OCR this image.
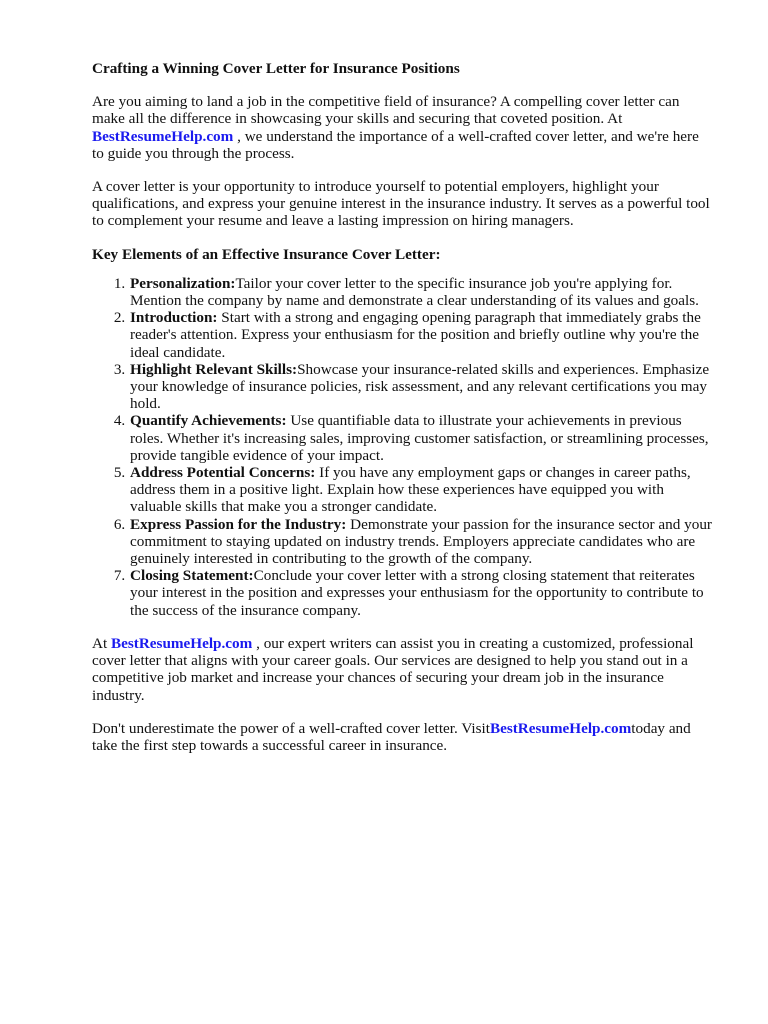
Crafting a Winning Cover Letter for Insurance Positions

Are you aiming to land a job in the competitive field of insurance? A compelling cover letter can make all the difference in showcasing your skills and securing that coveted position. At BestResumeHelp.com , we understand the importance of a well-crafted cover letter, and we're here to guide you through the process.

A cover letter is your opportunity to introduce yourself to potential employers, highlight your qualifications, and express your genuine interest in the insurance industry. It serves as a powerful tool to complement your resume and leave a lasting impression on hiring managers.

Key Elements of an Effective Insurance Cover Letter:
1. Personalization:Tailor your cover letter to the specific insurance job you're applying for. Mention the company by name and demonstrate a clear understanding of its values and goals.
2. Introduction: Start with a strong and engaging opening paragraph that immediately grabs the reader's attention. Express your enthusiasm for the position and briefly outline why you're the ideal candidate.
3. Highlight Relevant Skills:Showcase your insurance-related skills and experiences. Emphasize your knowledge of insurance policies, risk assessment, and any relevant certifications you may hold.
4. Quantify Achievements: Use quantifiable data to illustrate your achievements in previous roles. Whether it's increasing sales, improving customer satisfaction, or streamlining processes, provide tangible evidence of your impact.
5. Address Potential Concerns: If you have any employment gaps or changes in career paths, address them in a positive light. Explain how these experiences have equipped you with valuable skills that make you a stronger candidate.
6. Express Passion for the Industry: Demonstrate your passion for the insurance sector and your commitment to staying updated on industry trends. Employers appreciate candidates who are genuinely interested in contributing to the growth of the company.
7. Closing Statement:Conclude your cover letter with a strong closing statement that reiterates your interest in the position and expresses your enthusiasm for the opportunity to contribute to the success of the insurance company.

At BestResumeHelp.com , our expert writers can assist you in creating a customized, professional cover letter that aligns with your career goals. Our services are designed to help you stand out in a competitive job market and increase your chances of securing your dream job in the insurance industry.

Don't underestimate the power of a well-crafted cover letter. VisitBestResumeHelp.comtoday and take the first step towards a successful career in insurance.
